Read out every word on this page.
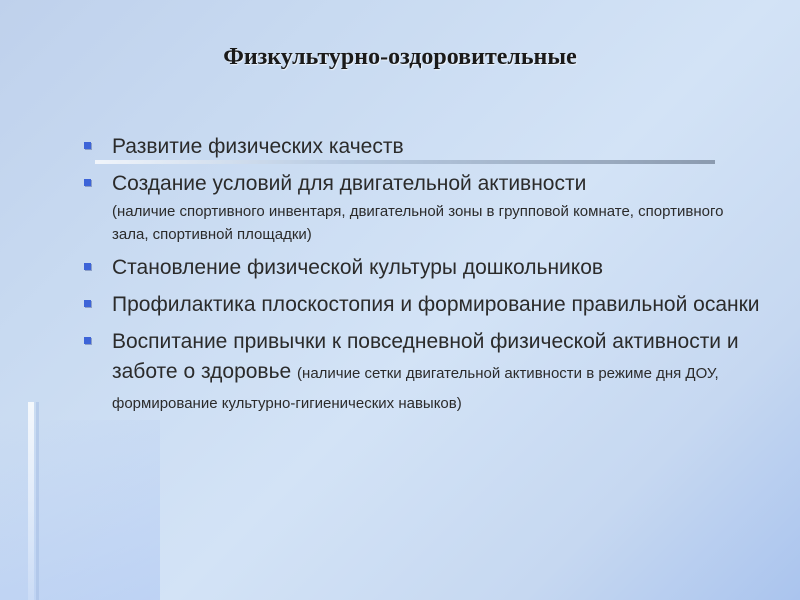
Физкультурно-оздоровительные
Развитие физических качеств
Создание условий для двигательной активности
(наличие спортивного инвентаря, двигательной зоны в групповой комнате, спортивного зала, спортивной площадки)
Становление физической культуры дошкольников
Профилактика плоскостопия и формирование правильной осанки
Воспитание привычки к повседневной физической активности и заботе о здоровье (наличие сетки двигательной активности в режиме дня ДОУ, формирование культурно-гигиенических навыков)
